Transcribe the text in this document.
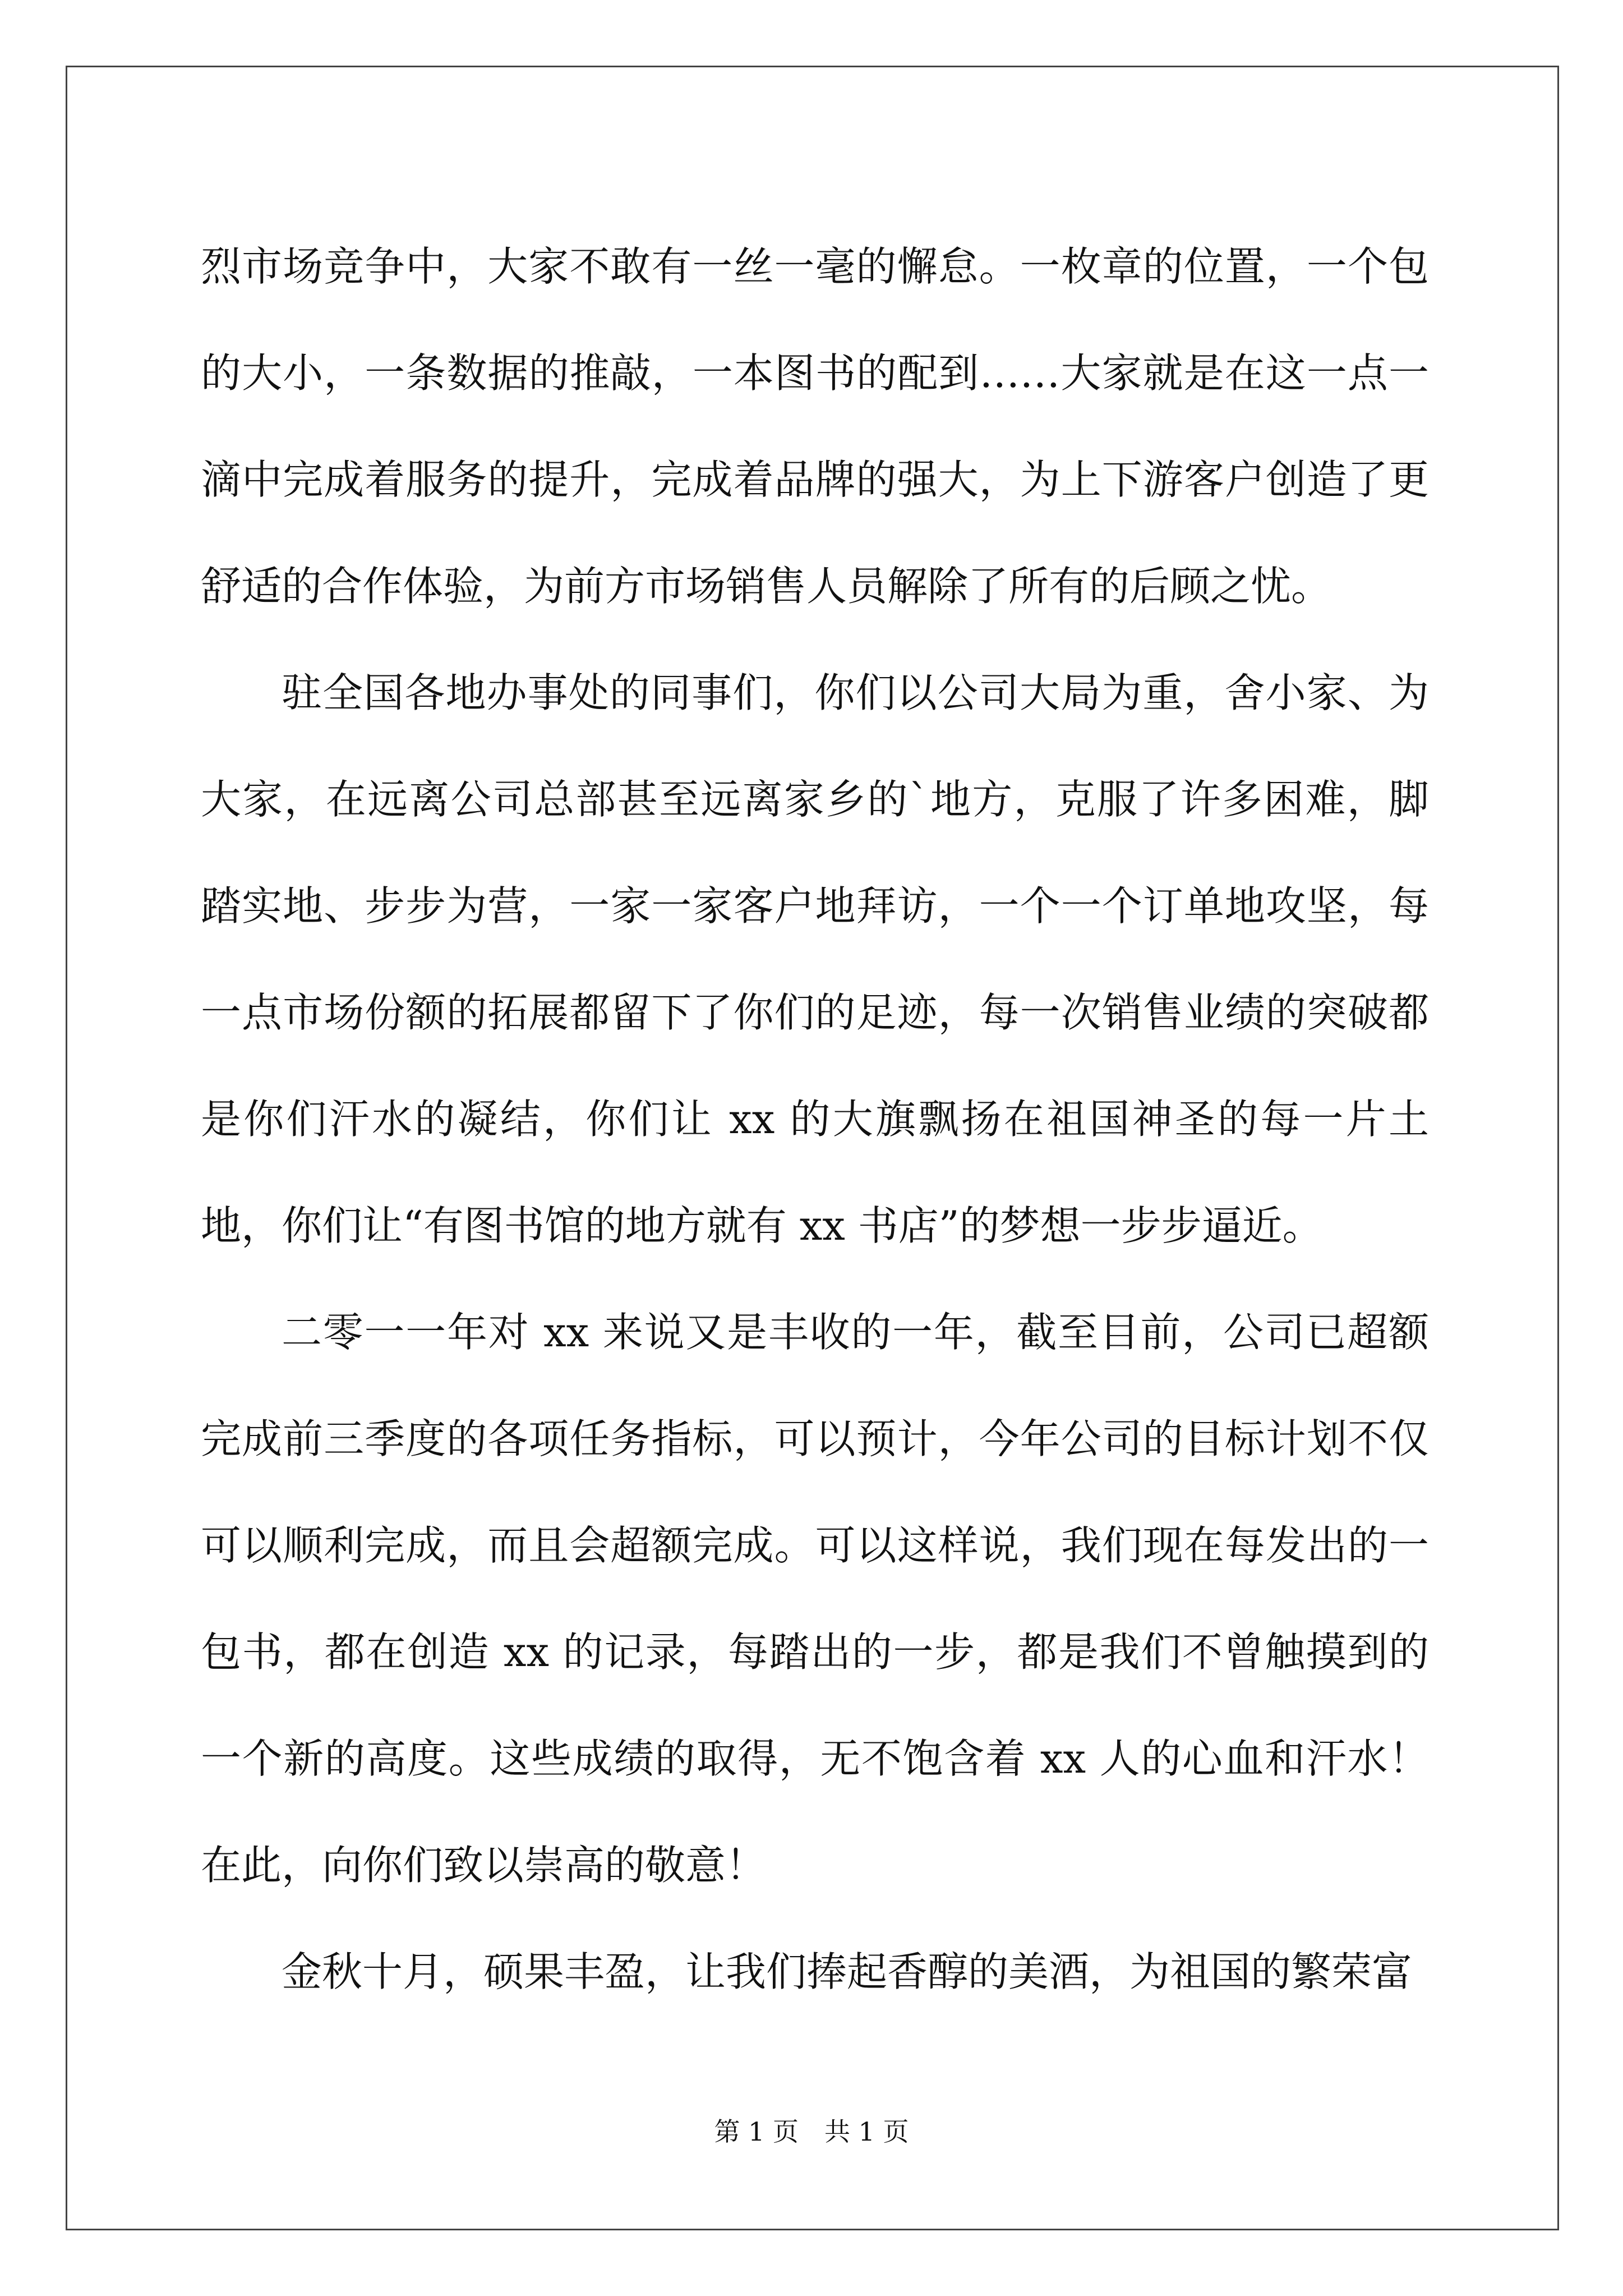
烈市场竞争中，大家不敢有一丝一毫的懈怠。一枚章的位置，一个包的大小，一条数据的推敲，一本图书的配到……大家就是在这一点一滴中完成着服务的提升，完成着品牌的强大，为上下游客户创造了更舒适的合作体验，为前方市场销售人员解除了所有的后顾之忧。

驻全国各地办事处的同事们，你们以公司大局为重，舍小家、为大家，在远离公司总部甚至远离家乡的`地方，克服了许多困难，脚踏实地、步步为营，一家一家客户地拜访，一个一个订单地攻坚，每一点市场份额的拓展都留下了你们的足迹，每一次销售业绩的突破都是你们汗水的凝结，你们让 xx 的大旗飘扬在祖国神圣的每一片土地，你们让“有图书馆的地方就有 xx 书店”的梦想一步步逼近。

二零一一年对 xx 来说又是丰收的一年，截至目前，公司已超额完成前三季度的各项任务指标，可以预计，今年公司的目标计划不仅可以顺利完成，而且会超额完成。可以这样说，我们现在每发出的一包书，都在创造 xx 的记录，每踏出的一步，都是我们不曾触摸到的一个新的高度。这些成绩的取得，无不饱含着 xx 人的心血和汗水！在此，向你们致以崇高的敬意！

金秋十月，硕果丰盈，让我们捧起香醇的美酒，为祖国的繁荣富

第 1 页　共 1 页
